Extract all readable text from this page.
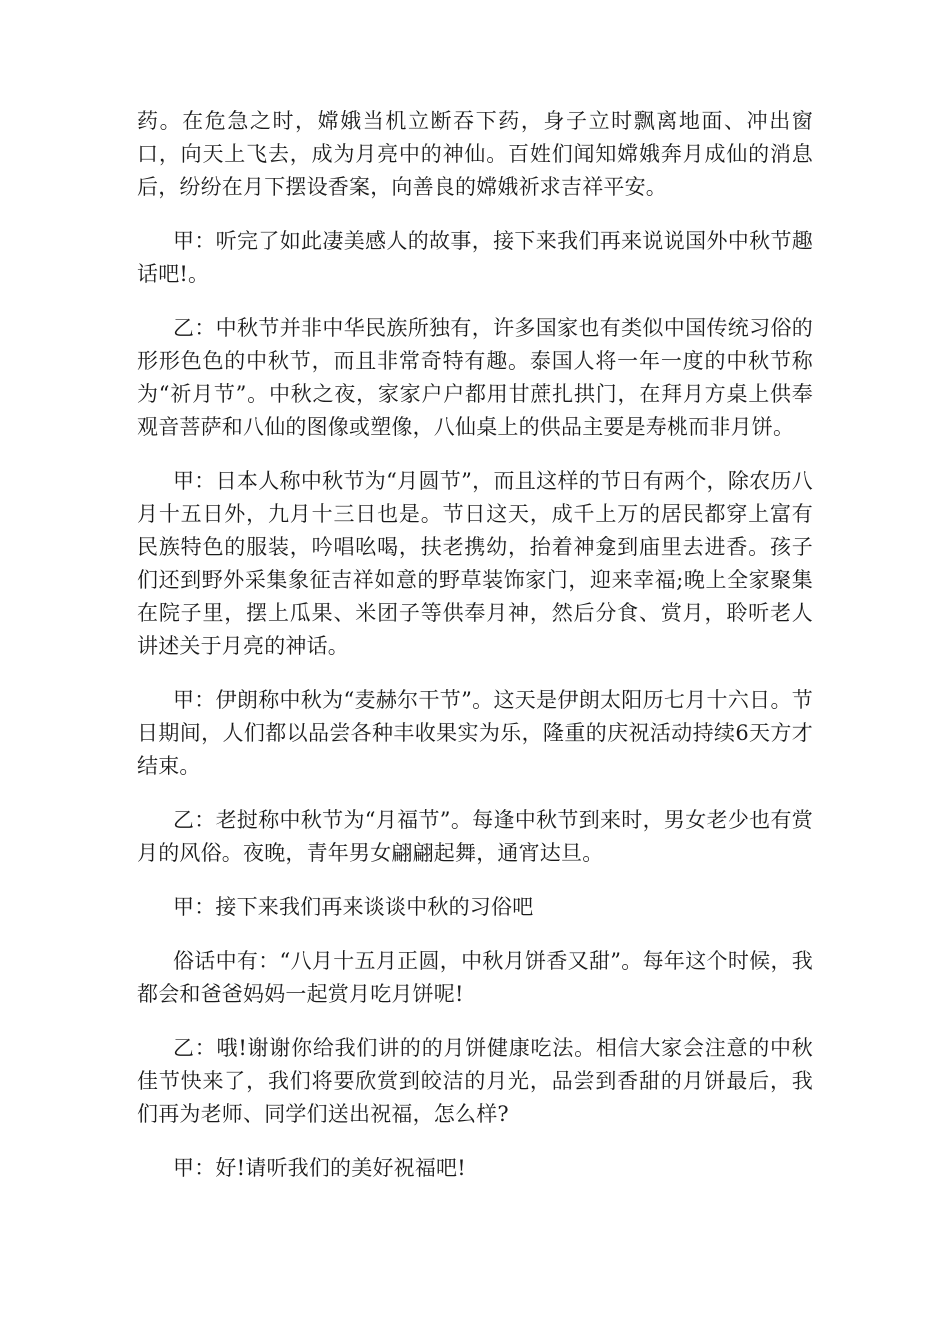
药。在危急之时，嫦娥当机立断吞下药，身子立时飘离地面、冲出窗口，向天上飞去，成为月亮中的神仙。百姓们闻知嫦娥奔月成仙的消息后，纷纷在月下摆设香案，向善良的嫦娥祈求吉祥平安。

甲：听完了如此凄美感人的故事，接下来我们再来说说国外中秋节趣话吧!。

乙：中秋节并非中华民族所独有，许多国家也有类似中国传统习俗的形形色色的中秋节，而且非常奇特有趣。泰国人将一年一度的中秋节称为“祈月节”。中秋之夜，家家户户都用甘蔗扎拱门，在拜月方桌上供奉观音菩萨和八仙的图像或塑像，八仙桌上的供品主要是寿桃而非月饼。

甲：日本人称中秋节为“月圆节”，而且这样的节日有两个，除农历八月十五日外，九月十三日也是。节日这天，成千上万的居民都穿上富有民族特色的服装，吟唱吆喝，扶老携幼，抬着神龛到庙里去进香。孩子们还到野外采集象征吉祥如意的野草装饰家门，迎来幸福;晚上全家聚集在院子里，摆上瓜果、米团子等供奉月神，然后分食、赏月，聆听老人讲述关于月亮的神话。

甲：伊朗称中秋为“麦赫尔干节”。这天是伊朗太阳历七月十六日。节日期间，人们都以品尝各种丰收果实为乐，隆重的庆祝活动持续6天方才结束。

乙：老挝称中秋节为“月福节”。每逢中秋节到来时，男女老少也有赏月的风俗。夜晚，青年男女翩翩起舞，通宵达旦。

甲：接下来我们再来谈谈中秋的习俗吧

俗话中有：“八月十五月正圆，中秋月饼香又甜”。每年这个时候，我都会和爸爸妈妈一起赏月吃月饼呢!

乙：哦!谢谢你给我们讲的的月饼健康吃法。相信大家会注意的中秋佳节快来了，我们将要欣赏到皎洁的月光，品尝到香甜的月饼最后，我们再为老师、同学们送出祝福，怎么样?

甲：好!请听我们的美好祝福吧!
